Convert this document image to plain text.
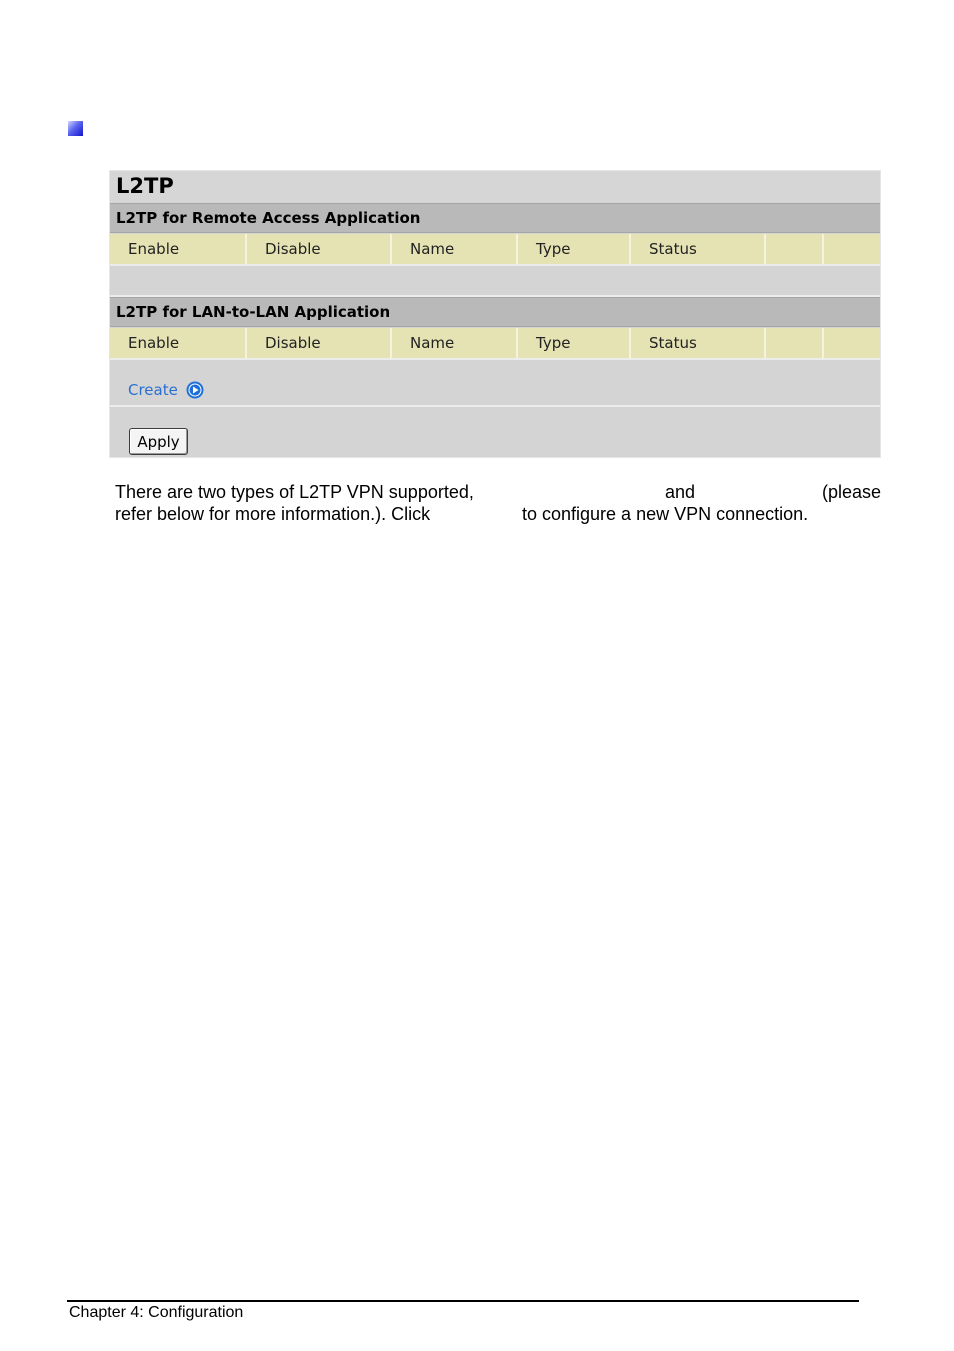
L2TP
L2TP for Remote Access Application
Enable	Disable	Name	Type	Status
L2TP for LAN-to-LAN Application
Enable	Disable	Name	Type	Status
Create
Apply
There are two types of L2TP VPN supported,	and	(please
refer below for more information.). Click	to configure a new VPN connection.
Chapter 4: Configuration
